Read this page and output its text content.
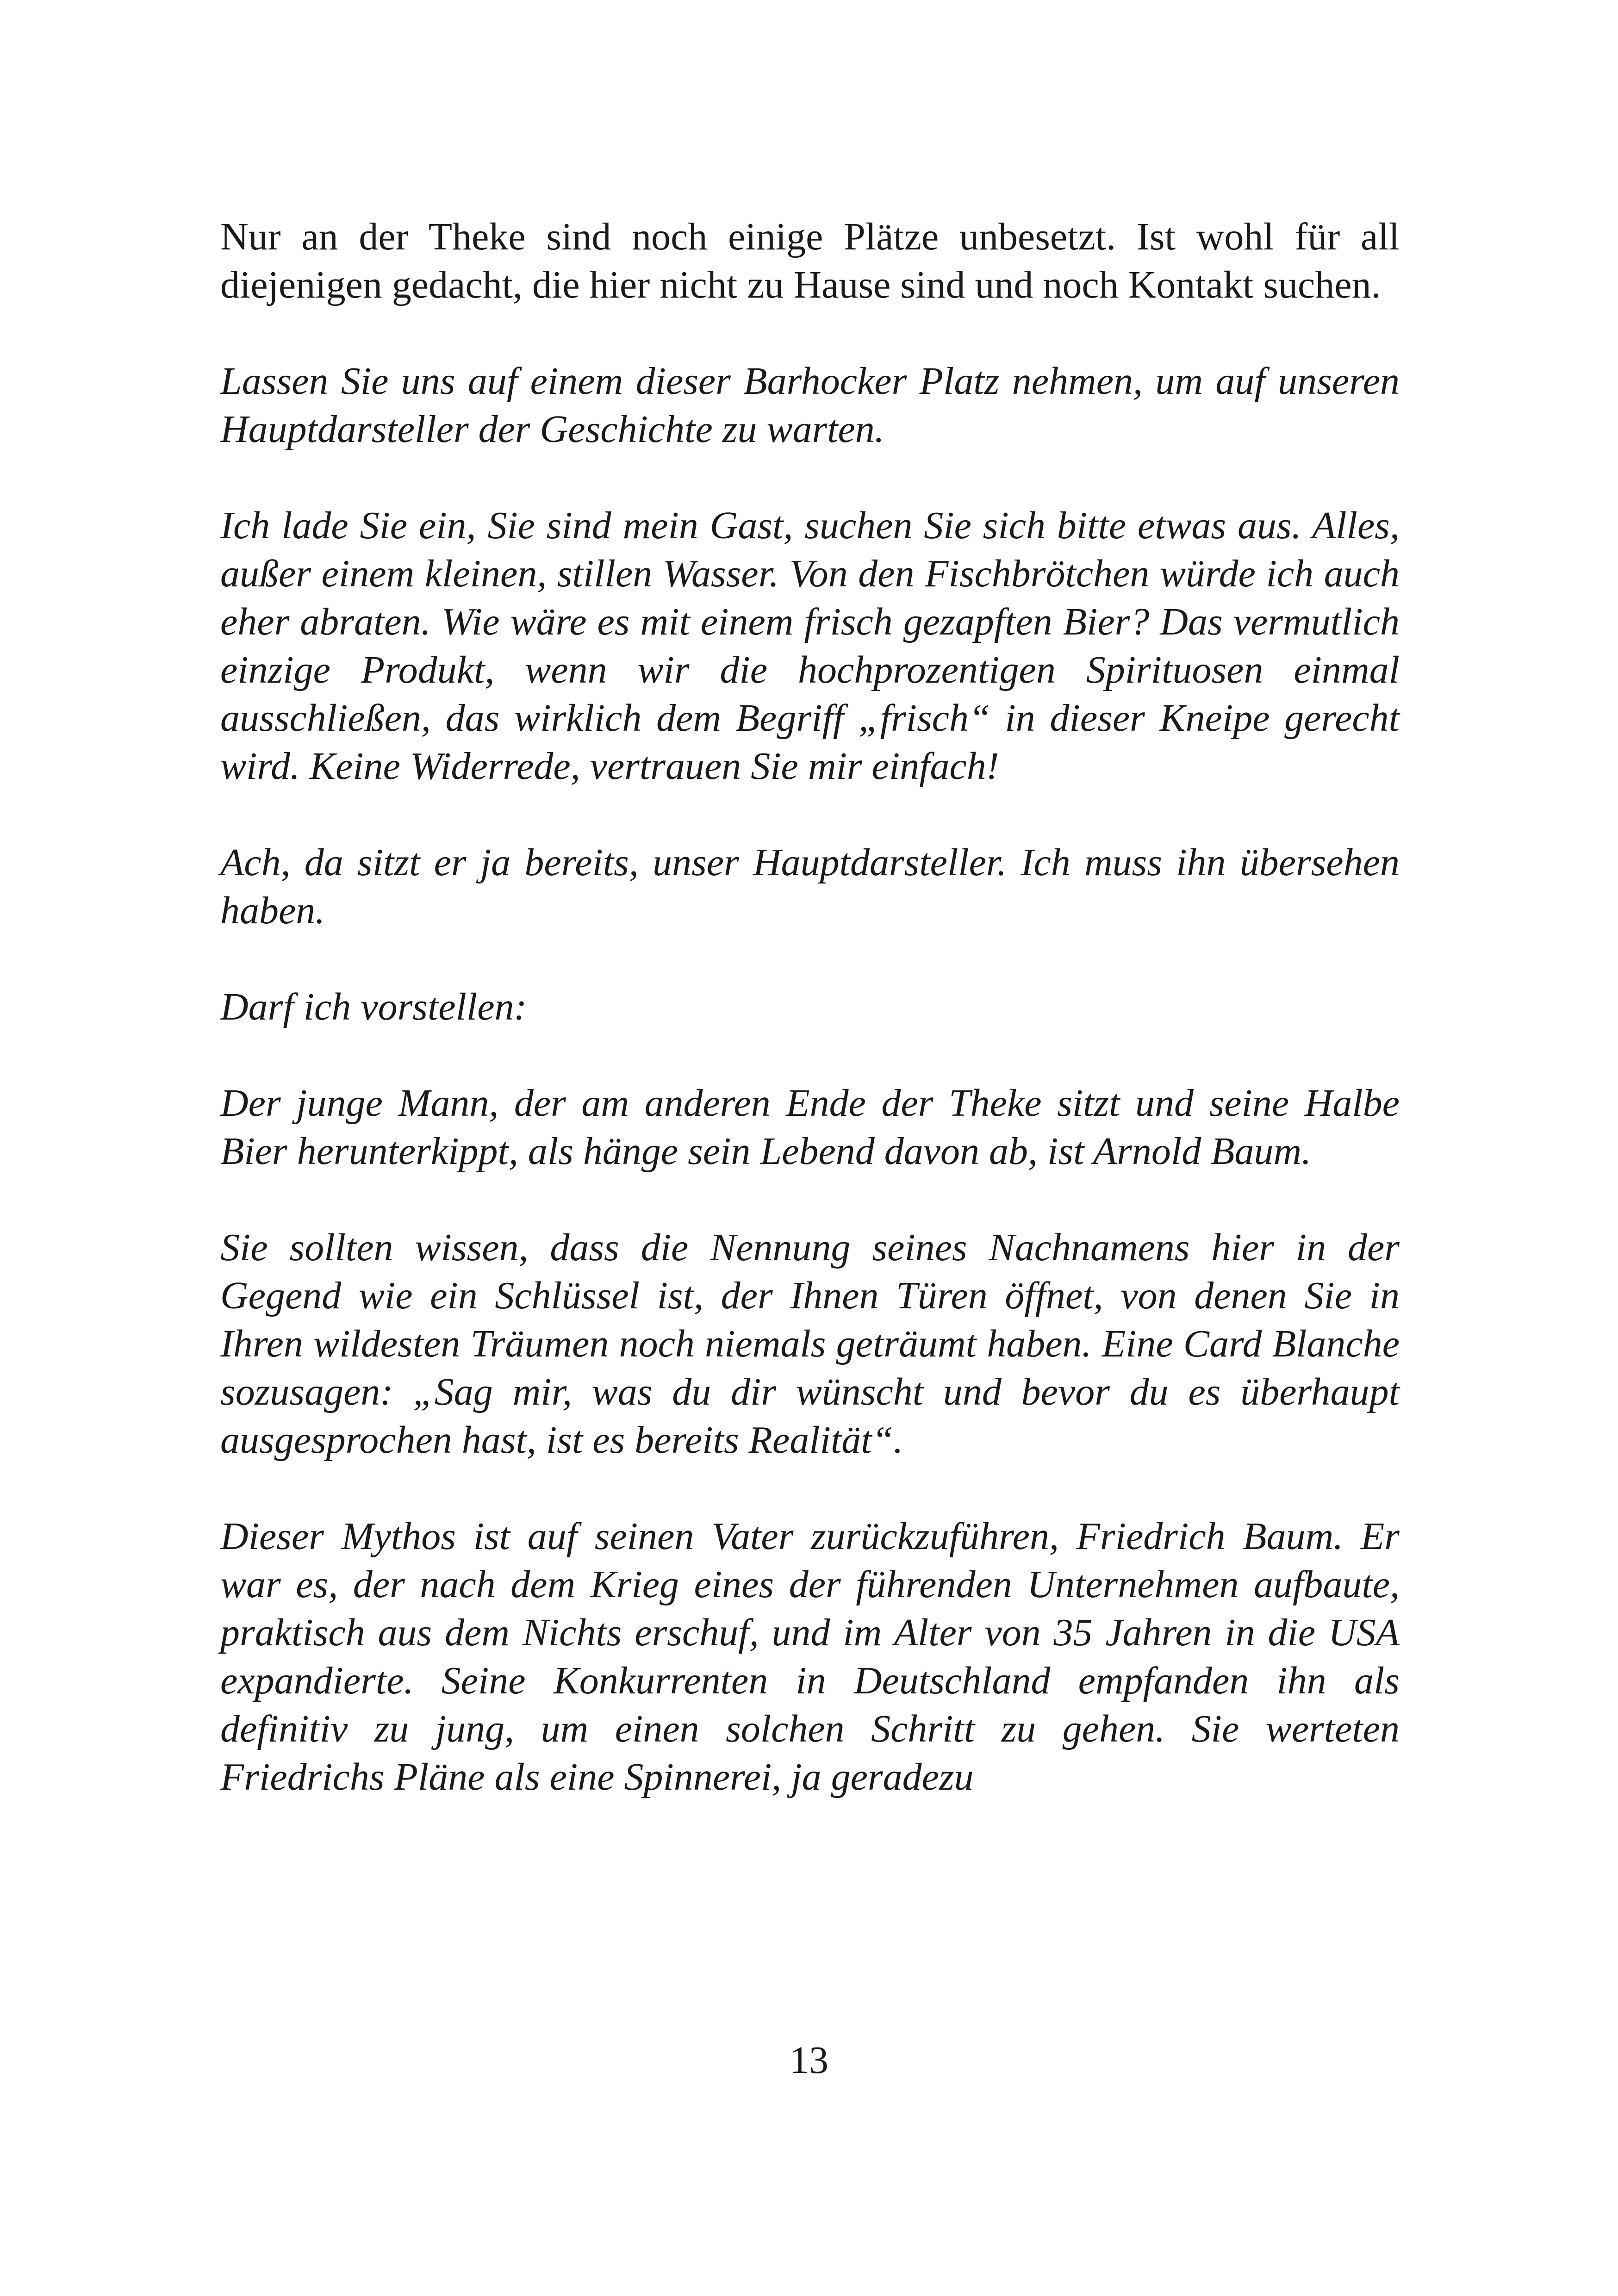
Nur an der Theke sind noch einige Plätze unbesetzt. Ist wohl für all diejenigen gedacht, die hier nicht zu Hause sind und noch Kontakt suchen.

Lassen Sie uns auf einem dieser Barhocker Platz nehmen, um auf unseren Hauptdarsteller der Geschichte zu warten.

Ich lade Sie ein, Sie sind mein Gast, suchen Sie sich bitte etwas aus. Alles, außer einem kleinen, stillen Wasser. Von den Fischbrötchen würde ich auch eher abraten. Wie wäre es mit einem frisch gezapften Bier? Das vermutlich einzige Produkt, wenn wir die hochprozentigen Spirituosen einmal ausschließen, das wirklich dem Begriff „frisch“ in dieser Kneipe gerecht wird. Keine Widerrede, vertrauen Sie mir einfach!

Ach, da sitzt er ja bereits, unser Hauptdarsteller. Ich muss ihn übersehen haben.

Darf ich vorstellen:

Der junge Mann, der am anderen Ende der Theke sitzt und seine Halbe Bier herunterkippt, als hänge sein Lebend davon ab, ist Arnold Baum.

Sie sollten wissen, dass die Nennung seines Nachnamens hier in der Gegend wie ein Schlüssel ist, der Ihnen Türen öffnet, von denen Sie in Ihren wildesten Träumen noch niemals geträumt haben. Eine Card Blanche sozusagen: „Sag mir, was du dir wünscht und bevor du es überhaupt ausgesprochen hast, ist es bereits Realität“.

Dieser Mythos ist auf seinen Vater zurückzuführen, Friedrich Baum. Er war es, der nach dem Krieg eines der führenden Unternehmen aufbaute, praktisch aus dem Nichts erschuf, und im Alter von 35 Jahren in die USA expandierte. Seine Konkurrenten in Deutschland empfanden ihn als definitiv zu jung, um einen solchen Schritt zu gehen. Sie werteten Friedrichs Pläne als eine Spinnerei, ja geradezu

13
